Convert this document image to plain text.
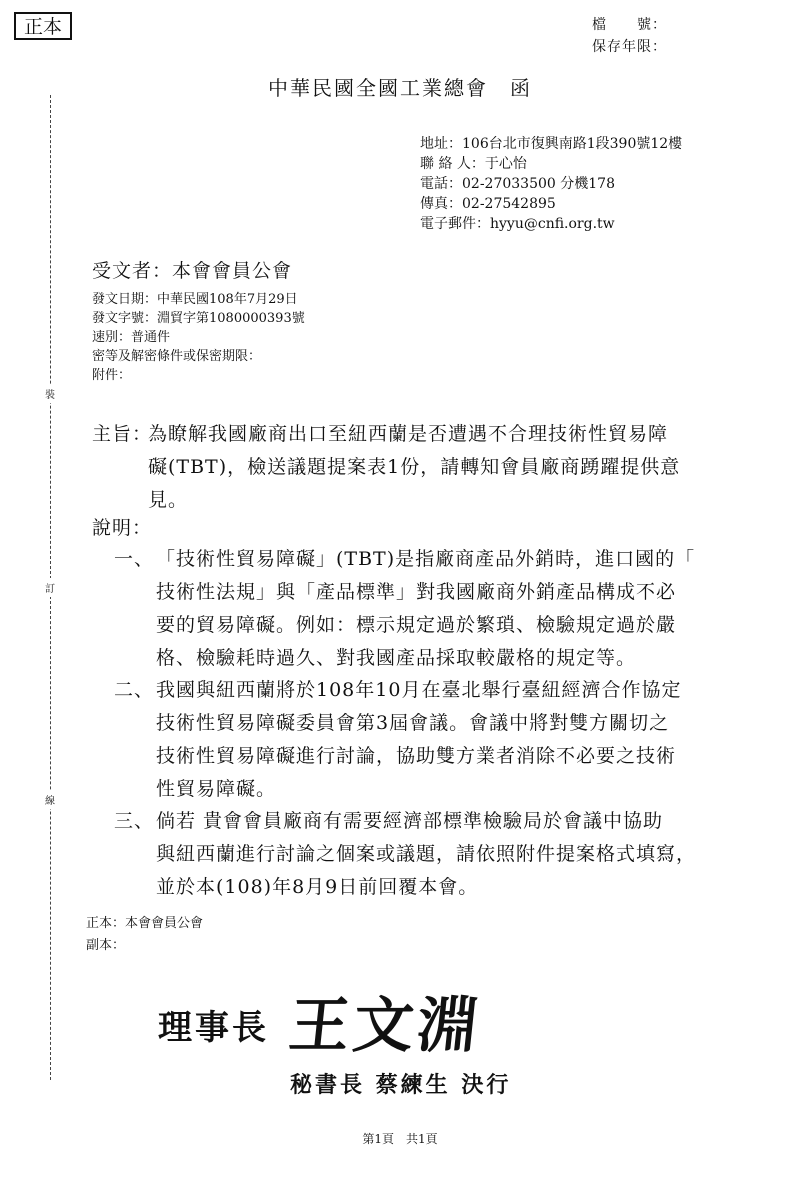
正本	檔　　號：
保存年限：
裝
訂
線
中華民國全國工業總會　函
地址：106台北市復興南路1段390號12樓
聯 絡 人：于心怡
電話：02-27033500 分機178
傳真：02-27542895
電子郵件：hyyu@cnfi.org.tw
受文者：本會會員公會
發文日期：中華民國108年7月29日
發文字號：淵貿字第1080000393號
速別：普通件
密等及解密條件或保密期限：
附件：
主旨：
為瞭解我國廠商出口至紐西蘭是否遭遇不合理技術性貿易障
礙(TBT)，檢送議題提案表1份，請轉知會員廠商踴躍提供意
見。
說明：
一、 「技術性貿易障礙」(TBT)是指廠商產品外銷時，進口國的「
技術性法規」與「產品標準」對我國廠商外銷產品構成不必
要的貿易障礙。例如：標示規定過於繁瑣、檢驗規定過於嚴
格、檢驗耗時過久、對我國產品採取較嚴格的規定等。
二、 我國與紐西蘭將於108年10月在臺北舉行臺紐經濟合作協定
技術性貿易障礙委員會第3屆會議。會議中將對雙方關切之
技術性貿易障礙進行討論，協助雙方業者消除不必要之技術
性貿易障礙。
三、 倘若 貴會會員廠商有需要經濟部標準檢驗局於會議中協助
與紐西蘭進行討論之個案或議題，請依照附件提案格式填寫，
並於本(108)年8月9日前回覆本會。
正本：本會會員公會
副本：
理事長 王文淵
秘書長 蔡練生 決行
第1頁　共1頁
